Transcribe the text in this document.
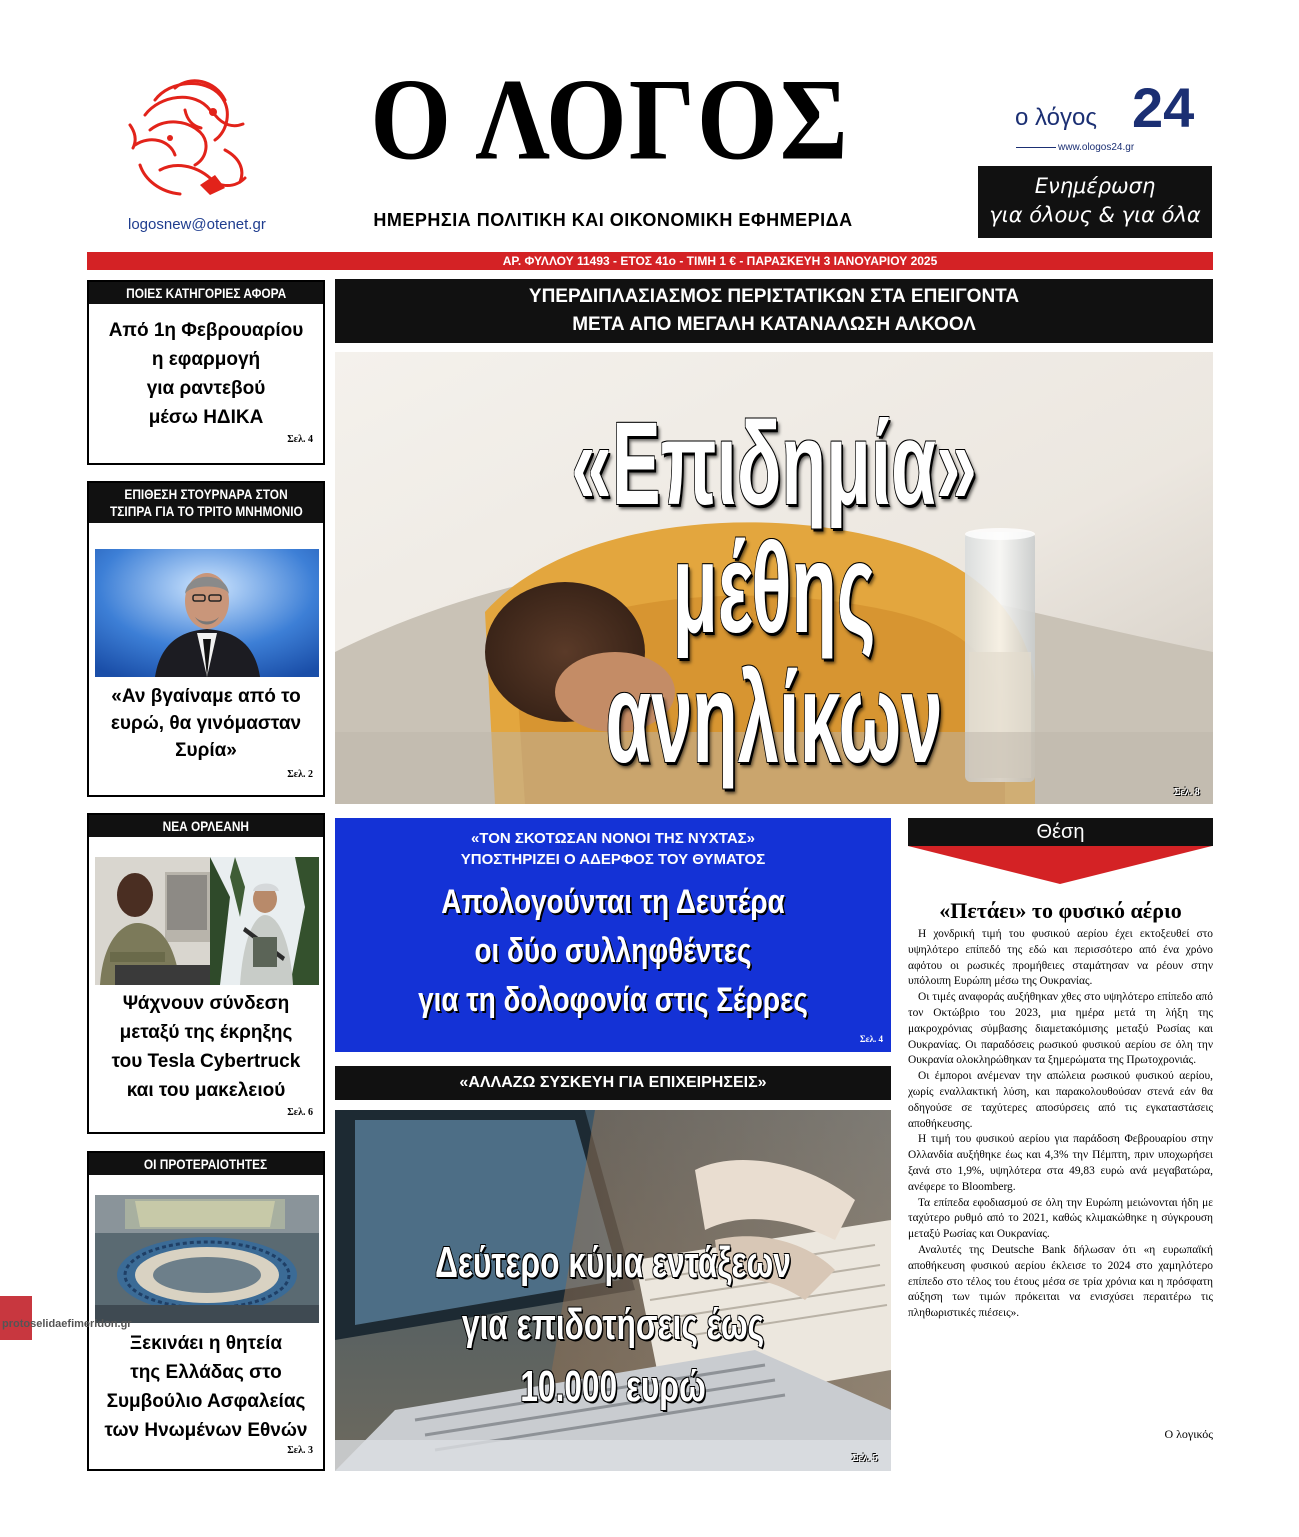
logosnew@otenet.gr
Ο ΛΟΓΟΣ
ΗΜΕΡΗΣΙΑ ΠΟΛΙΤΙΚΗ ΚΑΙ ΟΙΚΟΝΟΜΙΚΗ ΕΦΗΜΕΡΙΔΑ
ο λόγος 24
www.ologos24.gr
Ενημέρωση
για όλους & για όλα
ΑΡ. ΦΥΛΛΟΥ 11493 - ΕΤΟΣ 41ο - ΤΙΜΗ 1 € - ΠΑΡΑΣΚΕΥΗ 3 ΙΑΝΟΥΑΡΙΟΥ 2025
ΠΟΙΕΣ ΚΑΤΗΓΟΡΙΕΣ ΑΦΟΡΑ
Από 1η Φεβρουαρίου
η εφαρμογή
για ραντεβού
μέσω ΗΔΙΚΑ
Σελ. 4
ΕΠΙΘΕΣΗ ΣΤΟΥΡΝΑΡΑ ΣΤΟΝ
ΤΣΙΠΡΑ ΓΙΑ ΤΟ ΤΡΙΤΟ ΜΝΗΜΟΝΙΟ
«Αν βγαίναμε από το
ευρώ, θα γινόμασταν
Συρία»
Σελ. 2
ΝΕΑ ΟΡΛΕΑΝΗ
Ψάχνουν σύνδεση
μεταξύ της έκρηξης
του Tesla Cybertruck
και του μακελειού
Σελ. 6
ΟΙ ΠΡΟΤΕΡΑΙΟΤΗΤΕΣ
Ξεκινάει η θητεία
της Ελλάδας στο
Συμβούλιο Ασφαλείας
των Ηνωμένων Εθνών
Σελ. 3
ΥΠΕΡΔΙΠΛΑΣΙΑΣΜΟΣ ΠΕΡΙΣΤΑΤΙΚΩΝ ΣΤΑ ΕΠΕΙΓΟΝΤΑ
ΜΕΤΑ ΑΠΟ ΜΕΓΑΛΗ ΚΑΤΑΝΑΛΩΣΗ ΑΛΚΟΟΛ
«Επιδημία»
μέθης ανηλίκων
Σελ. 8
«ΤΟΝ ΣΚΟΤΩΣΑΝ ΝΟΝΟΙ ΤΗΣ ΝΥΧΤΑΣ»
ΥΠΟΣΤΗΡΙΖΕΙ Ο ΑΔΕΡΦΟΣ ΤΟΥ ΘΥΜΑΤΟΣ
Απολογούνται τη Δευτέρα
οι δύο συλληφθέντες
για τη δολοφονία στις Σέρρες
Σελ. 4
«ΑΛΛΑΖΩ ΣΥΣΚΕΥΗ ΓΙΑ ΕΠΙΧΕΙΡΗΣΕΙΣ»
Δεύτερο κύμα εντάξεων
για επιδοτήσεις έως 10.000 ευρώ
Σελ. 5
Θέση
«Πετάει» το φυσικό αέριο

Η χονδρική τιμή του φυσικού αερίου έχει εκτοξευθεί στο υψηλότερο επίπεδό της εδώ και περισσότερο από ένα χρόνο αφότου οι ρωσικές προμήθειες σταμάτησαν να ρέουν στην υπόλοιπη Ευρώπη μέσω της Ουκρανίας.

Οι τιμές αναφοράς αυξήθηκαν χθες στο υψηλότερο επίπεδο από τον Οκτώβριο του 2023, μια ημέρα μετά τη λήξη της μακροχρόνιας σύμβασης διαμετακόμισης μεταξύ Ρωσίας και Ουκρανίας. Οι παραδόσεις ρωσικού φυσικού αερίου σε όλη την Ουκρανία ολοκληρώθηκαν τα ξημερώματα της Πρωτοχρονιάς.

Οι έμποροι ανέμεναν την απώλεια ρωσικού φυσικού αερίου, χωρίς εναλλακτική λύση, και παρακολουθούσαν στενά εάν θα οδηγούσε σε ταχύτερες αποσύρσεις από τις εγκαταστάσεις αποθήκευσης.

Η τιμή του φυσικού αερίου για παράδοση Φεβρουαρίου στην Ολλανδία αυξήθηκε έως και 4,3% την Πέμπτη, πριν υποχωρήσει ξανά στο 1,9%, υψηλότερα στα 49,83 ευρώ ανά μεγαβατώρα, ανέφερε το Bloomberg.

Τα επίπεδα εφοδιασμού σε όλη την Ευρώπη μειώνονται ήδη με ταχύτερο ρυθμό από το 2021, καθώς κλιμακώθηκε η σύγκρουση μεταξύ Ρωσίας και Ουκρανίας.

Αναλυτές της Deutsche Bank δήλωσαν ότι «η ευρωπαϊκή αποθήκευση φυσικού αερίου έκλεισε το 2024 στο χαμηλότερο επίπεδο στο τέλος του έτους μέσα σε τρία χρόνια και η πρόσφατη αύξηση των τιμών πρόκειται να ενισχύσει περαιτέρω τις πληθωριστικές πιέσεις».

Ο λογικός
protoselidaefimeridon.gr
